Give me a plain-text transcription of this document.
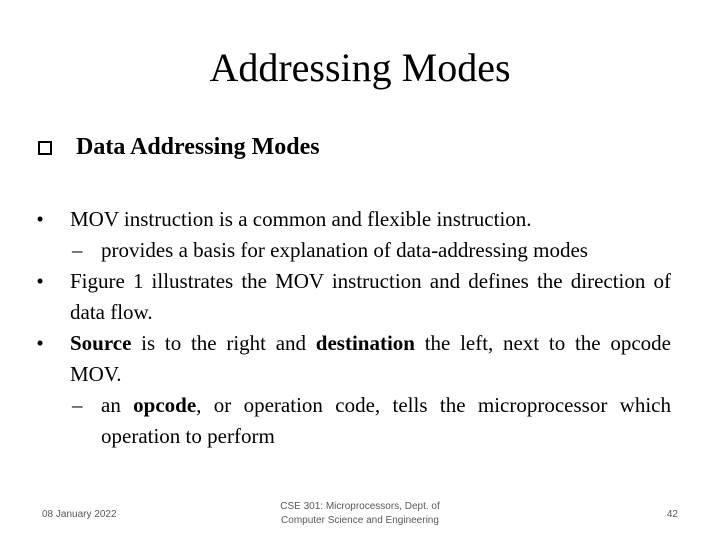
Addressing Modes
Data Addressing Modes
•	MOV instruction is a common and flexible instruction.
– provides a basis for explanation of data-addressing modes
•	Figure 1 illustrates the MOV instruction and defines the direction of data flow.
•	Source is to the right and destination the left, next to the opcode MOV.
– an opcode, or operation code, tells the microprocessor which operation to perform
08 January 2022
CSE 301: Microprocessors, Dept. of
Computer Science and Engineering
42
